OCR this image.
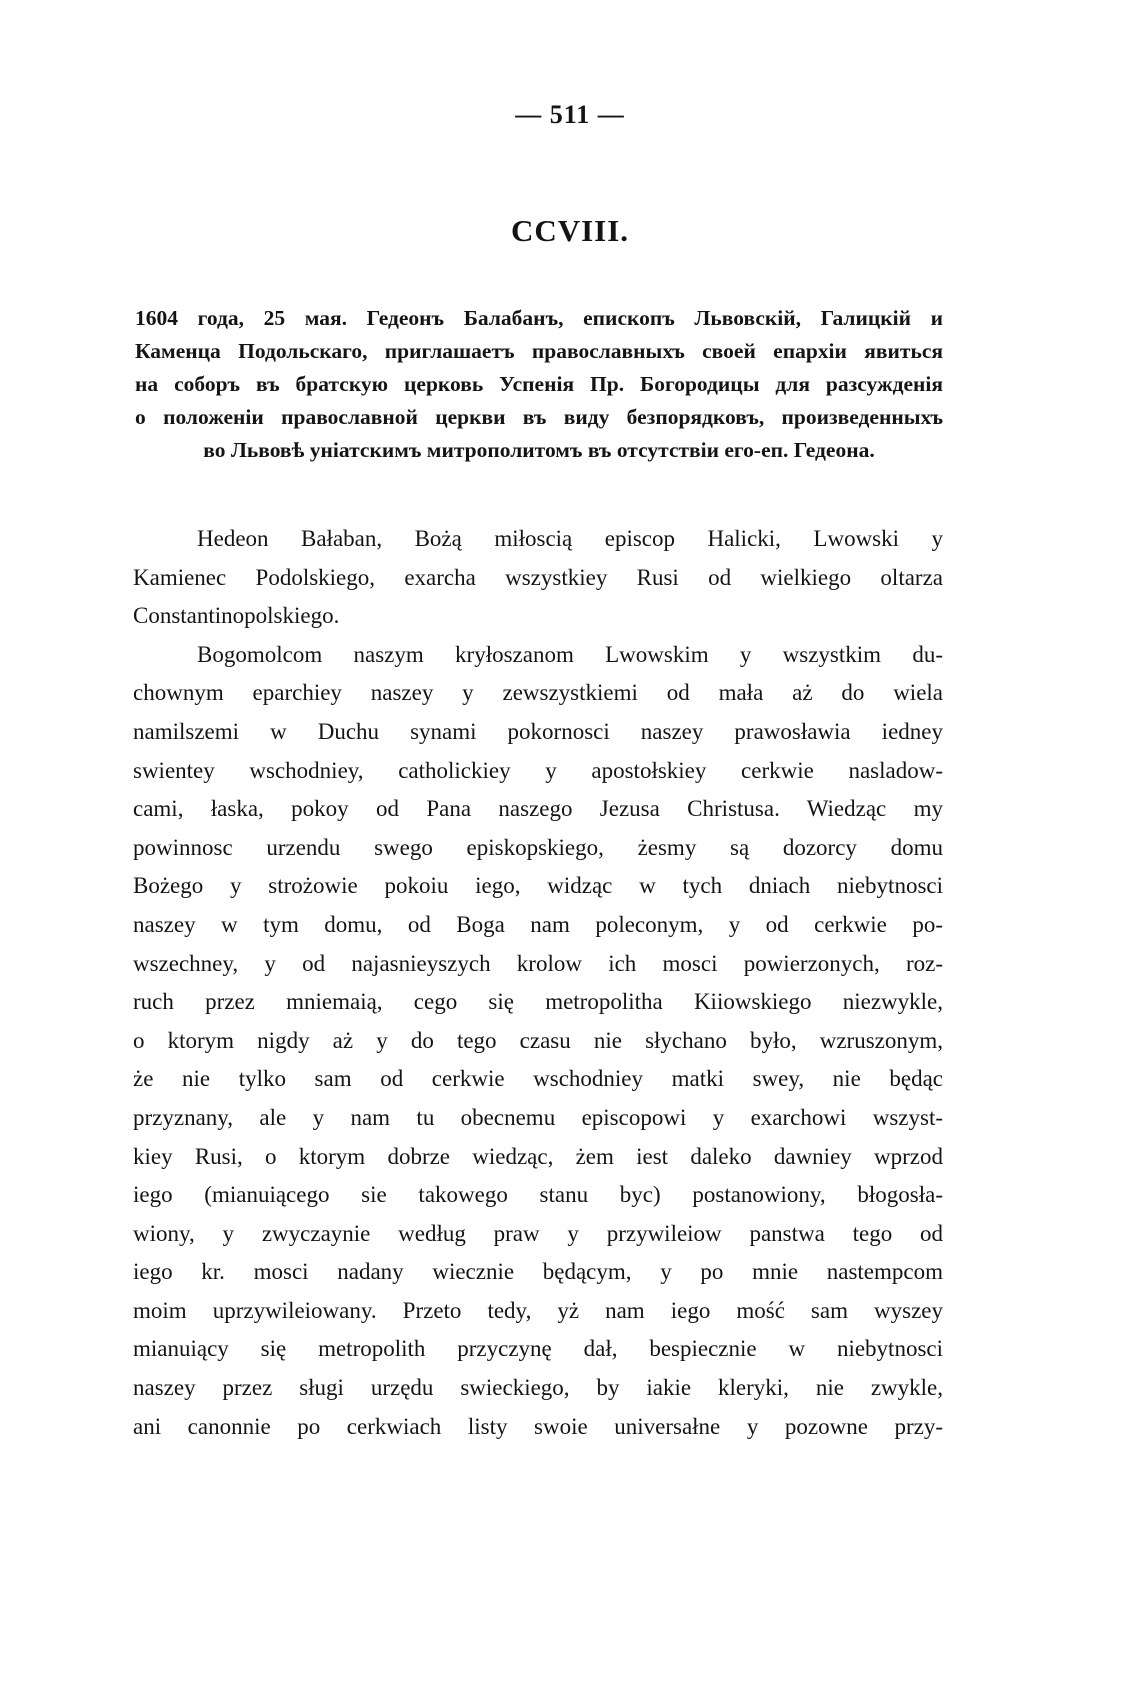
— 511 —
CCVIII.
1604 года, 25 мая. Гедеонъ Балабанъ, епископъ Львовскій, Галицкій и
Каменца Подольскаго, приглашаетъ православныхъ своей епархіи явиться
на соборъ въ братскую церковь Успенія Пр. Богородицы для разсужденія
о положеніи православной церкви въ виду безпорядковъ, произведенныхъ
во Львовѣ уніатскимъ митрополитомъ въ отсутствіи его-еп. Гедеона.
Hedeon Bałaban, Bożą miłoscią episcop Halicki, Lwowski y
Kamienec Podolskiego, exarcha wszystkiey Rusi od wielkiego oltarza
Constantinopolskiego.
Bogomolcom naszym kryłoszanom Lwowskim y wszystkim du-
chownym eparchiey naszey y zewszystkiemi od mała aż do wiela
namilszemi w Duchu synami pokornosci naszey prawosławia iedney
swientey wschodniey, catholickiey y apostołskiey cerkwie nasladow-
cami, łaska, pokoy od Pana naszego Jezusa Christusa. Wiedząc my
powinnosc urzendu swego episkopskiego, żesmy są dozorcy domu
Bożego y strożowie pokoiu iego, widząc w tych dniach niebytnosci
naszey w tym domu, od Boga nam poleconym, y od cerkwie po-
wszechney, y od najasnieyszych krolow ich mosci powierzonych, roz-
ruch przez mniemaią, cego się metropolitha Kiiowskiego niezwykle,
o ktorym nigdy aż y do tego czasu nie słychano było, wzruszonym,
że nie tylko sam od cerkwie wschodniey matki swey, nie będąc
przyznany, ale y nam tu obecnemu episcopowi y exarchowi wszyst-
kiey Rusi, o ktorym dobrze wiedząc, żem iest daleko dawniey wprzod
iego (mianuiącego sie takowego stanu byc) postanowiony, błogosła-
wiony, y zwyczaynie według praw y przywileiow panstwa tego od
iego kr. mosci nadany wiecznie będącym, y po mnie nastempcom
moim uprzywileiowany. Przeto tedy, yż nam iego mość sam wyszey
mianuiący się metropolith przyczynę dał, bespiecznie w niebytnosci
naszey przez sługi urzędu swieckiego, by iakie kleryki, nie zwykle,
ani canonnie po cerkwiach listy swoie universałne y pozowne przy-
